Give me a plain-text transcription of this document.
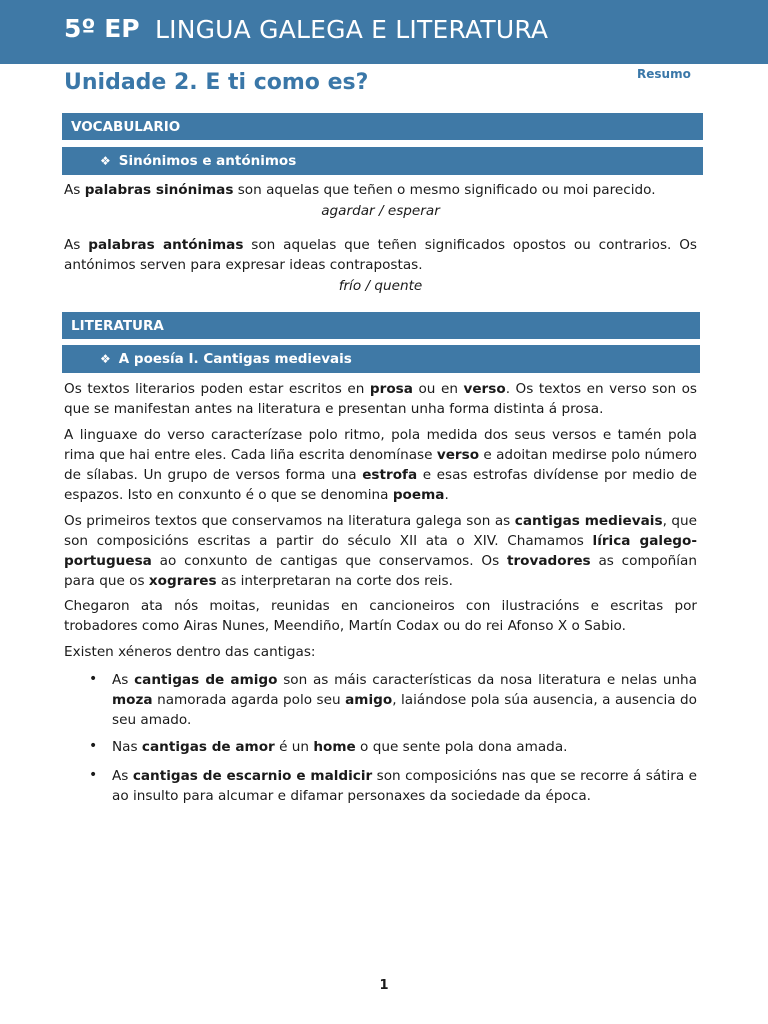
5º EP LINGUA GALEGA E LITERATURA
Unidade 2. E ti como es?	Resumo
VOCABULARIO
❖ Sinónimos e antónimos
As palabras sinónimas son aquelas que teñen o mesmo significado ou moi parecido.
agardar / esperar
As palabras antónimas son aquelas que teñen significados opostos ou contrarios. Os antónimos serven para expresar ideas contrapostas.
frío / quente
LITERATURA
❖ A poesía I. Cantigas medievais
Os textos literarios poden estar escritos en prosa ou en verso. Os textos en verso son os que se manifestan antes na literatura e presentan unha forma distinta á prosa.
A linguaxe do verso caracterízase polo ritmo, pola medida dos seus versos e tamén pola rima que hai entre eles. Cada liña escrita denomínase verso e adoitan medirse polo número de sílabas. Un grupo de versos forma una estrofa e esas estrofas divídense por medio de espazos. Isto en conxunto é o que se denomina poema.
Os primeiros textos que conservamos na literatura galega son as cantigas medievais, que son composicións escritas a partir do século XII ata o XIV. Chamamos lírica galego-portuguesa ao conxunto de cantigas que conservamos. Os trovadores as compoñían para que os xograres as interpretaran na corte dos reis.
Chegaron ata nós moitas, reunidas en cancioneiros con ilustracións e escritas por trobadores como Airas Nunes, Meendiño, Martín Codax ou do rei Afonso X o Sabio.
Existen xéneros dentro das cantigas:
• As cantigas de amigo son as máis características da nosa literatura e nelas unha moza namorada agarda polo seu amigo, laiándose pola súa ausencia, a ausencia do seu amado.
• Nas cantigas de amor é un home o que sente pola dona amada.
• As cantigas de escarnio e maldicir son composicións nas que se recorre á sátira e ao insulto para alcumar e difamar personaxes da sociedade da época.
1
